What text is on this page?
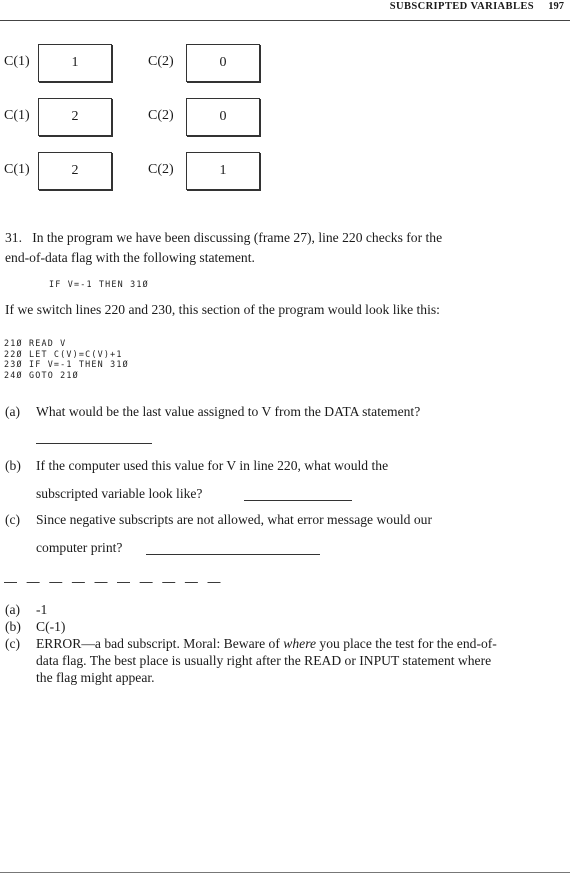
SUBSCRIPTED VARIABLES 197
C(1)	1	C(2)	0
C(1)	2	C(2)	0
C(1)	2	C(2)	1
31.   In the program we have been discussing (frame 27), line 220 checks for the
end-of-data flag with the following statement.
IF V=-1 THEN 31Ø
If we switch lines 220 and 230, this section of the program would look like this:
21Ø READ V
22Ø LET C(V)=C(V)+1
23Ø IF V=-1 THEN 31Ø
24Ø GOTO 21Ø
(a) What would be the last value assigned to V from the DATA statement?
(b) If the computer used this value for V in line 220, what would the
subscripted variable look like?
(c) Since negative subscripts are not allowed, what error message would our
computer print?
— — — — — — — — — —
(a) -1
(b) C(-1)
(c) ERROR—a bad subscript. Moral: Beware of where you place the test for the end-of-data flag. The best place is usually right after the READ or INPUT statement where the flag might appear.
